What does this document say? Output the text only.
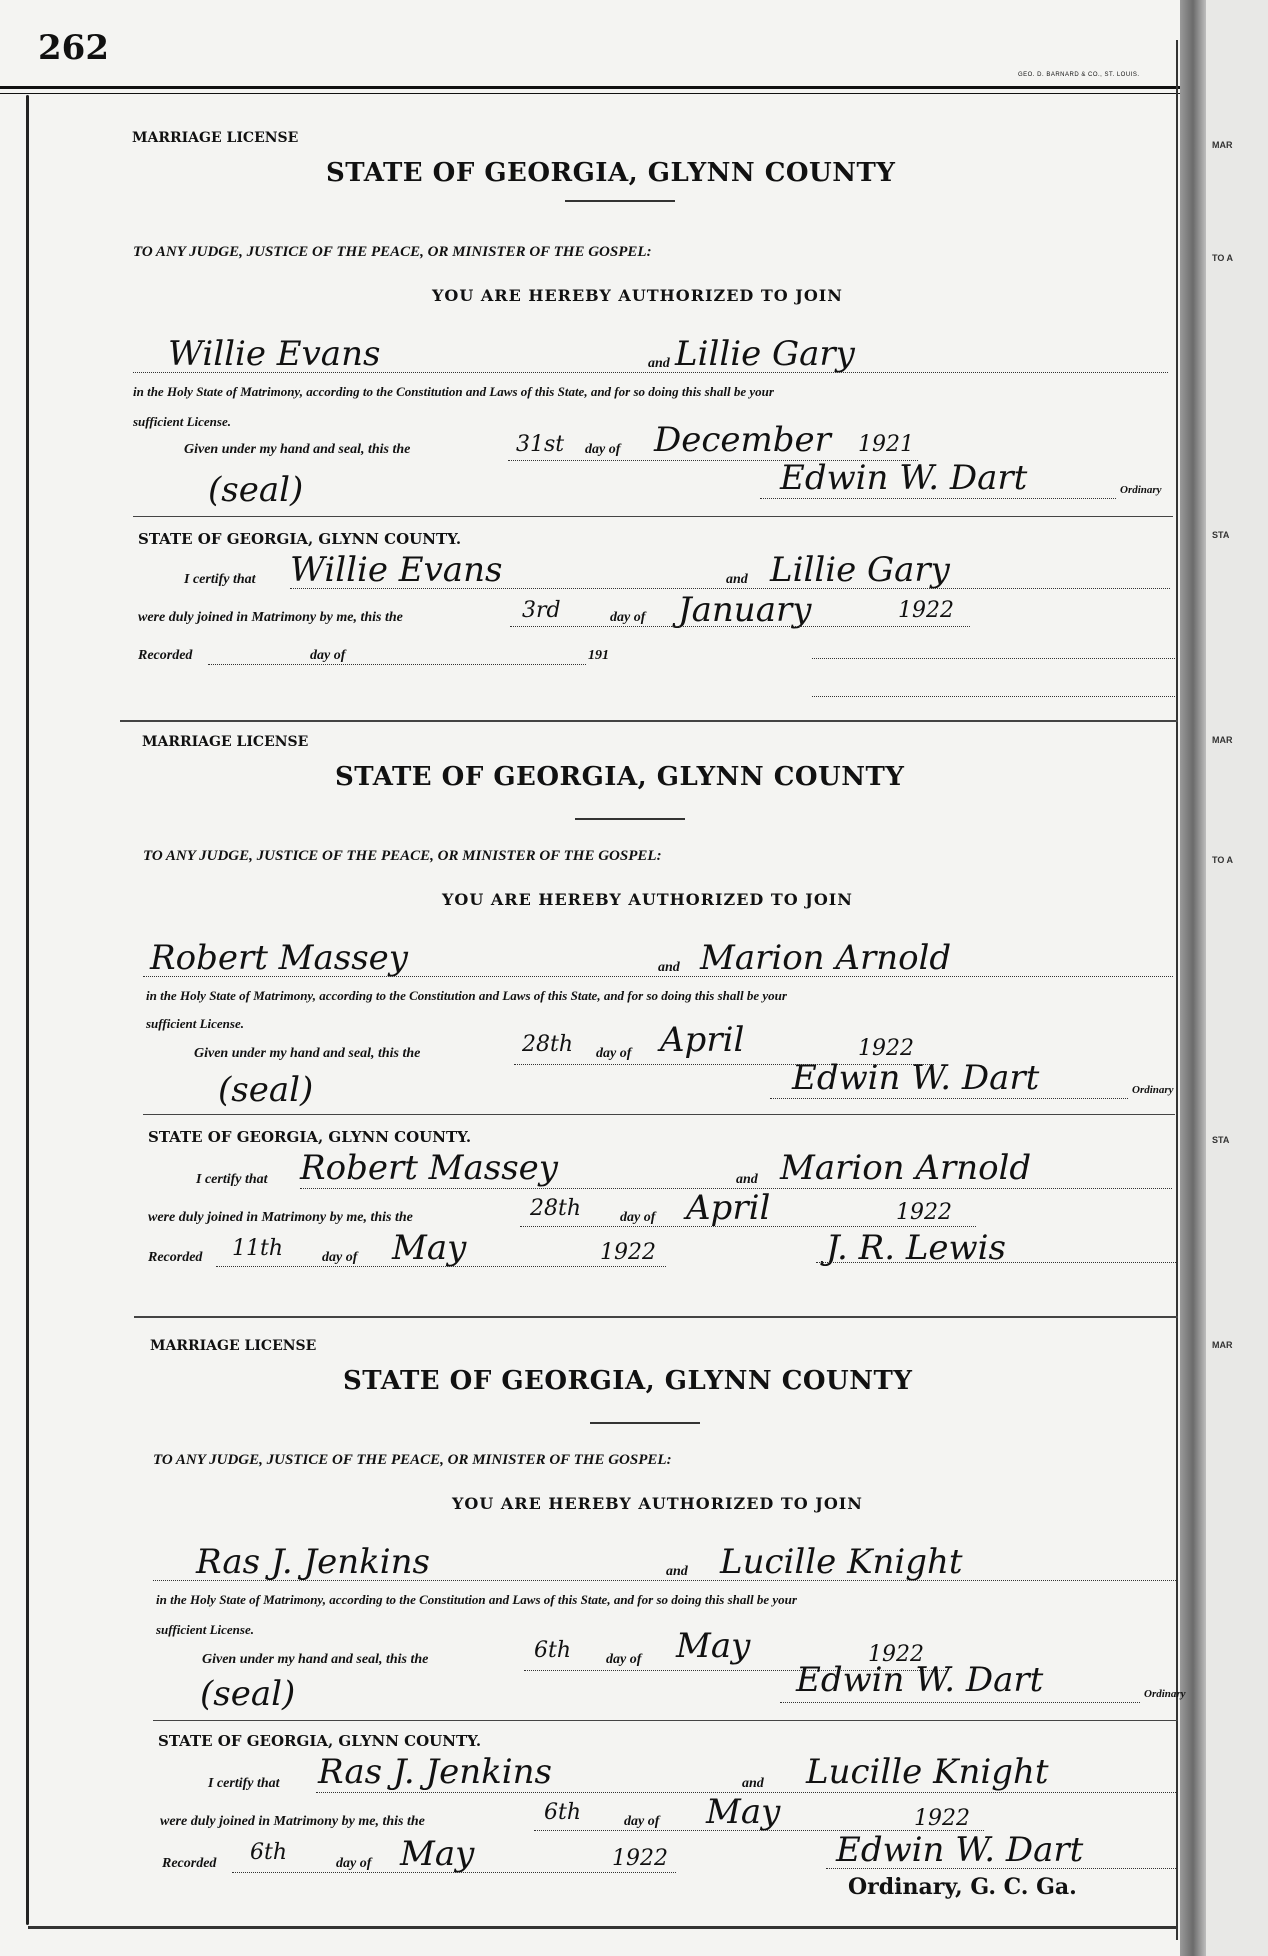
262
GEO. D. BARNARD & CO., ST. LOUIS.
MAR
TO A
STA
MAR
TO A
STA
MAR
MARRIAGE LICENSE
STATE OF GEORGIA, GLYNN COUNTY
TO ANY JUDGE, JUSTICE OF THE PEACE, OR MINISTER OF THE GOSPEL:
YOU ARE HEREBY AUTHORIZED TO JOIN
Willie Evans	and Lillie Gary
in the Holy State of Matrimony, according to the Constitution and Laws of this State, and for so doing this shall be your
sufficient License.
Given under my hand and seal, this the	31st day of December 1921
(seal)	Edwin W. Dart	Ordinary
STATE OF GEORGIA, GLYNN COUNTY.
I certify that Willie Evans	and Lillie Gary
were duly joined in Matrimony by me, this the	3rd	day of January	1922
Recorded	day of	191
MARRIAGE LICENSE
STATE OF GEORGIA, GLYNN COUNTY
TO ANY JUDGE, JUSTICE OF THE PEACE, OR MINISTER OF THE GOSPEL:
YOU ARE HEREBY AUTHORIZED TO JOIN
Robert Massey	and Marion Arnold
in the Holy State of Matrimony, according to the Constitution and Laws of this State, and for so doing this shall be your
sufficient License.
Given under my hand and seal, this the	28th day of April	1922
(seal)	Edwin W. Dart	Ordinary
STATE OF GEORGIA, GLYNN COUNTY.
I certify that Robert Massey	and Marion Arnold
were duly joined in Matrimony by me, this the	28th	day of April	1922
Recorded 11th	day of May	1922	J. R. Lewis
MARRIAGE LICENSE
STATE OF GEORGIA, GLYNN COUNTY
TO ANY JUDGE, JUSTICE OF THE PEACE, OR MINISTER OF THE GOSPEL:
YOU ARE HEREBY AUTHORIZED TO JOIN
Ras J. Jenkins	and Lucille Knight
in the Holy State of Matrimony, according to the Constitution and Laws of this State, and for so doing this shall be your
sufficient License.
Given under my hand and seal, this the	6th day of May	1922
(seal)	Edwin W. Dart	Ordinary
STATE OF GEORGIA, GLYNN COUNTY.
I certify that Ras J. Jenkins	and Lucille Knight
were duly joined in Matrimony by me, this the	6th	day of May	1922
Recorded 6th	day of May	1922	Edwin W. Dart
Ordinary, G. C. Ga.
